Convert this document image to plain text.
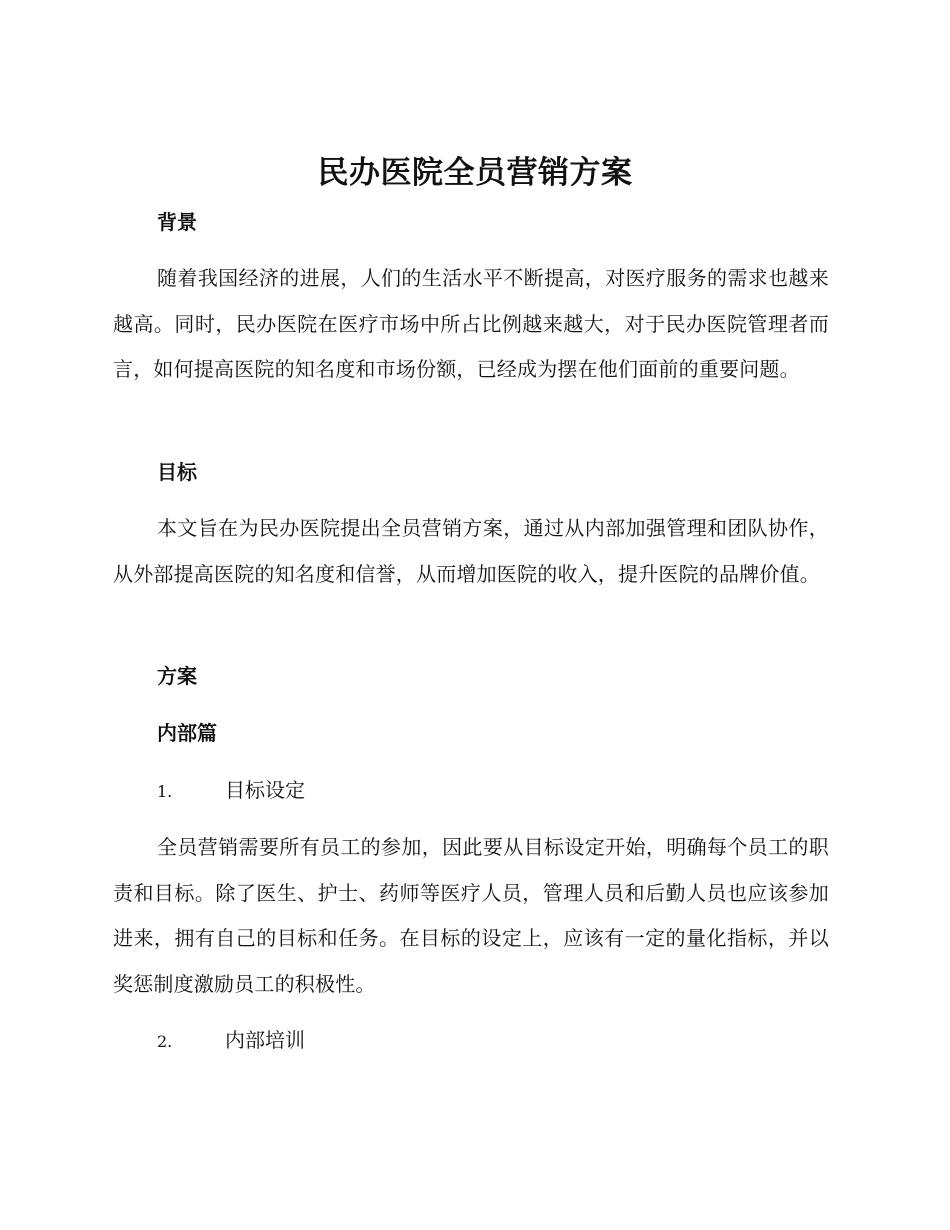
民办医院全员营销方案
背景

随着我国经济的进展，人们的生活水平不断提高，对医疗服务的需求也越来越高。同时，民办医院在医疗市场中所占比例越来越大，对于民办医院管理者而言，如何提高医院的知名度和市场份额，已经成为摆在他们面前的重要问题。

目标

本文旨在为民办医院提出全员营销方案，通过从内部加强管理和团队协作，从外部提高医院的知名度和信誉，从而增加医院的收入，提升医院的品牌价值。

方案
内部篇
1.	目标设定

全员营销需要所有员工的参加，因此要从目标设定开始，明确每个员工的职责和目标。除了医生、护士、药师等医疗人员，管理人员和后勤人员也应该参加进来，拥有自己的目标和任务。在目标的设定上，应该有一定的量化指标，并以奖惩制度激励员工的积极性。

2.	内部培训
